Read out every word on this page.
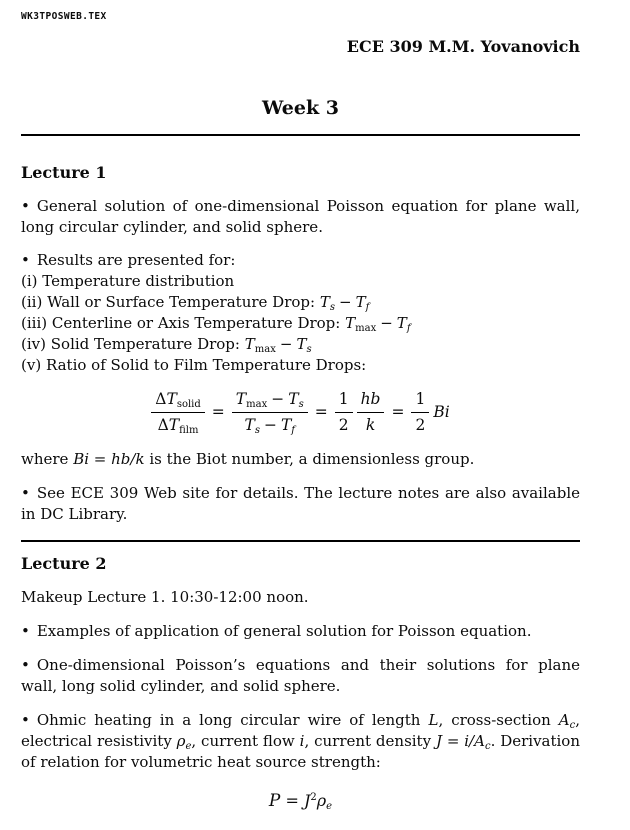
WK3TPOSWEB.TEX
ECE 309 M.M. Yovanovich
Week 3
Lecture 1

• General solution of one-dimensional Poisson equation for plane wall, long circular cylinder, and solid sphere.

• Results are presented for:
(i) Temperature distribution
(ii) Wall or Surface Temperature Drop: $T_s - T_f$
(iii) Centerline or Axis Temperature Drop: $T_{max} - T_f$
(iv) Solid Temperature Drop: $T_{max} - T_s$
(v) Ratio of Solid to Film Temperature Drops:
$\frac{\Delta T_{solid}}{\Delta T_{film}} = \frac{T_{max} - T_s}{T_s - T_f} = \frac{1}{2} \frac{hb}{k} = \frac{1}{2}$ Bi

where Bi = hb/k is the Biot number, a dimensionless group.

• See ECE 309 Web site for details. The lecture notes are also available in DC Library.

Lecture 2

Makeup Lecture 1. 10:30-12:00 noon.

• Examples of application of general solution for Poisson equation.

• One-dimensional Poisson’s equations and their solutions for plane wall, long solid cylinder, and solid sphere.

• Ohmic heating in a long circular wire of length L, cross-section $A_c$, electrical resistivity $\rho_e$, current flow i, current density $J = i/A_c$. Derivation of relation for volumetric heat source strength:

$P = J^2\rho_e$
